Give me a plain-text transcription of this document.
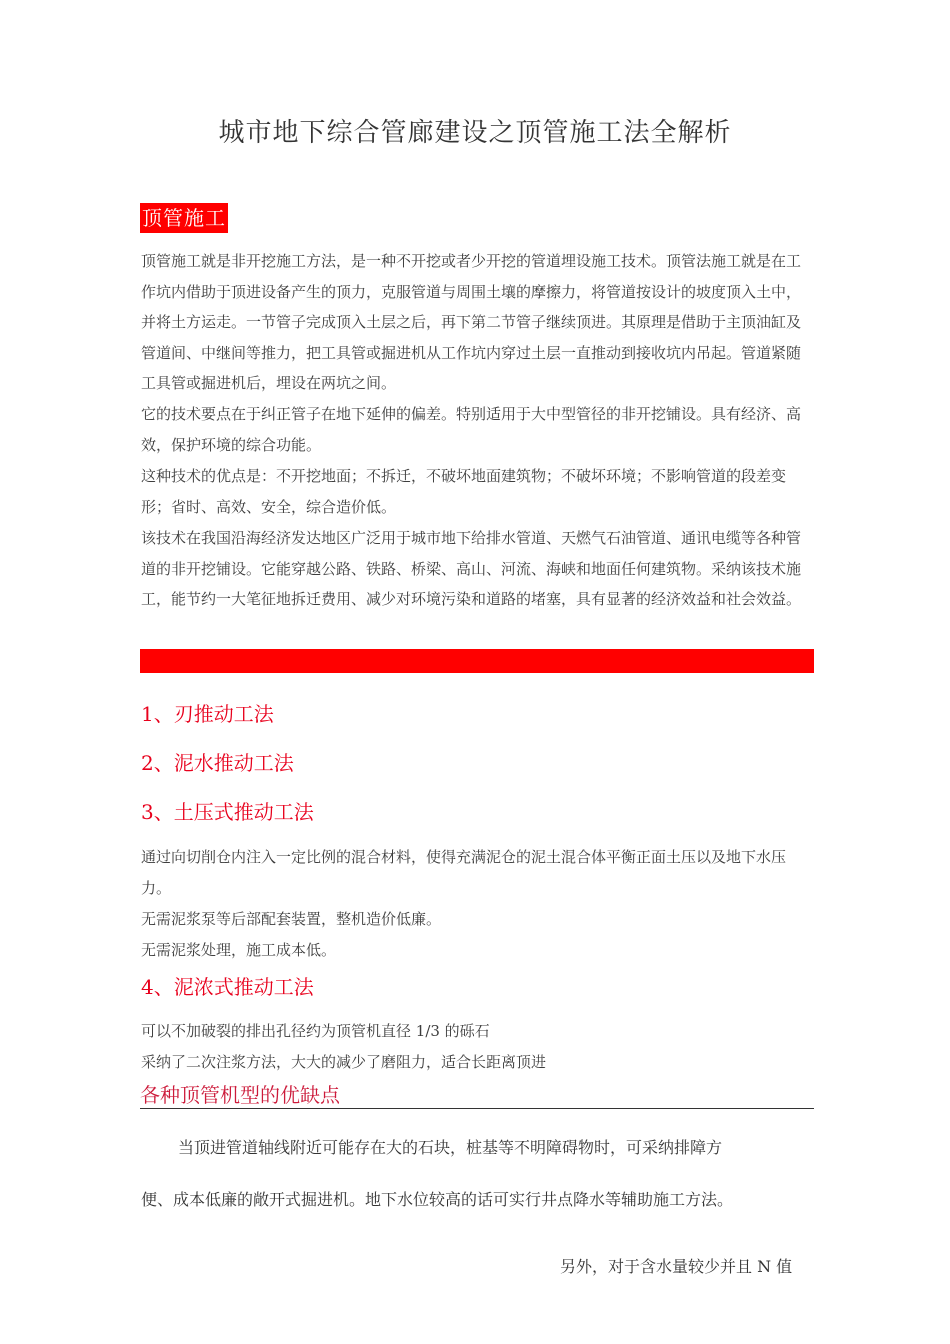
城市地下综合管廊建设之顶管施工法全解析
顶管施工
顶管施工就是非开挖施工方法，是一种不开挖或者少开挖的管道埋设施工技术。顶管法施工就是在工作坑内借助于顶进设备产生的顶力，克服管道与周围土壤的摩擦力，将管道按设计的坡度顶入土中，并将土方运走。一节管子完成顶入土层之后，再下第二节管子继续顶进。其原理是借助于主顶油缸及管道间、中继间等推力，把工具管或掘进机从工作坑内穿过土层一直推动到接收坑内吊起。管道紧随工具管或掘进机后，埋设在两坑之间。
它的技术要点在于纠正管子在地下延伸的偏差。特别适用于大中型管径的非开挖铺设。具有经济、高效，保护环境的综合功能。
这种技术的优点是：不开挖地面；不拆迁，不破坏地面建筑物；不破坏环境；不影响管道的段差变形；省时、高效、安全，综合造价低。
该技术在我国沿海经济发达地区广泛用于城市地下给排水管道、天燃气石油管道、通讯电缆等各种管道的非开挖铺设。它能穿越公路、铁路、桥梁、高山、河流、海峡和地面任何建筑物。采纳该技术施工，能节约一大笔征地拆迁费用、减少对环境污染和道路的堵塞，具有显著的经济效益和社会效益。
1、刃推动工法
2、泥水推动工法
3、土压式推动工法
通过向切削仓内注入一定比例的混合材料，使得充满泥仓的泥土混合体平衡正面土压以及地下水压力。
无需泥浆泵等后部配套装置，整机造价低廉。
无需泥浆处理，施工成本低。
4、泥浓式推动工法
可以不加破裂的排出孔径约为顶管机直径 1/3 的砾石
采纳了二次注浆方法，大大的减少了磨阻力，适合长距离顶进
各种顶管机型的优缺点
当顶进管道轴线附近可能存在大的石块，桩基等不明障碍物时，可采纳排障方
便、成本低廉的敞开式掘进机。地下水位较高的话可实行井点降水等辅助施工方法。
另外，对于含水量较少并且 N 值
